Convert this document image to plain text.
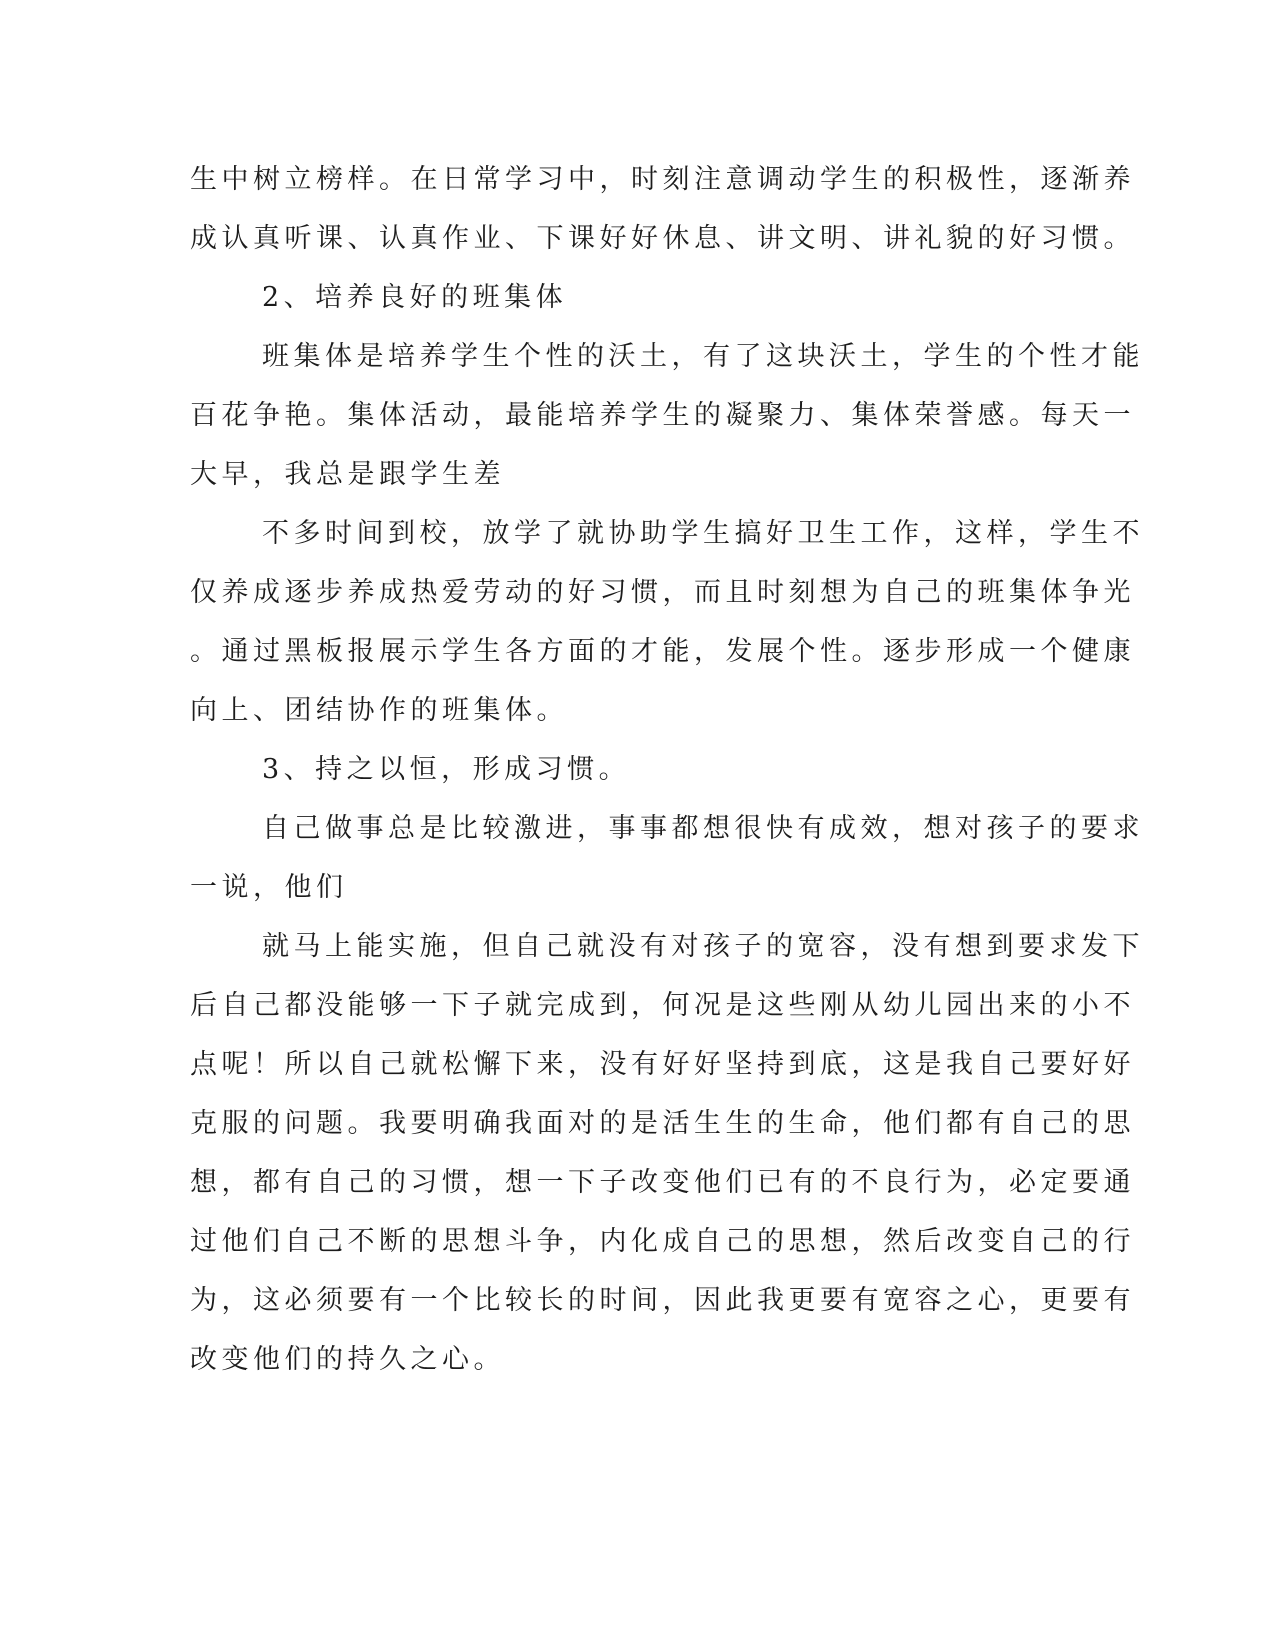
生中树立榜样。在日常学习中，时刻注意调动学生的积极性，逐渐养

成认真听课、认真作业、下课好好休息、讲文明、讲礼貌的好习惯。

2、培养良好的班集体

班集体是培养学生个性的沃土，有了这块沃土，学生的个性才能

百花争艳。集体活动，最能培养学生的凝聚力、集体荣誉感。每天一

大早，我总是跟学生差

不多时间到校，放学了就协助学生搞好卫生工作，这样，学生不

仅养成逐步养成热爱劳动的好习惯，而且时刻想为自己的班集体争光

。通过黑板报展示学生各方面的才能，发展个性。逐步形成一个健康

向上、团结协作的班集体。

3、持之以恒，形成习惯。

自己做事总是比较激进，事事都想很快有成效，想对孩子的要求

一说，他们

就马上能实施，但自己就没有对孩子的宽容，没有想到要求发下

后自己都没能够一下子就完成到，何况是这些刚从幼儿园出来的小不

点呢！所以自己就松懈下来，没有好好坚持到底，这是我自己要好好

克服的问题。我要明确我面对的是活生生的生命，他们都有自己的思

想，都有自己的习惯，想一下子改变他们已有的不良行为，必定要通

过他们自己不断的思想斗争，内化成自己的思想，然后改变自己的行

为，这必须要有一个比较长的时间，因此我更要有宽容之心，更要有

改变他们的持久之心。
